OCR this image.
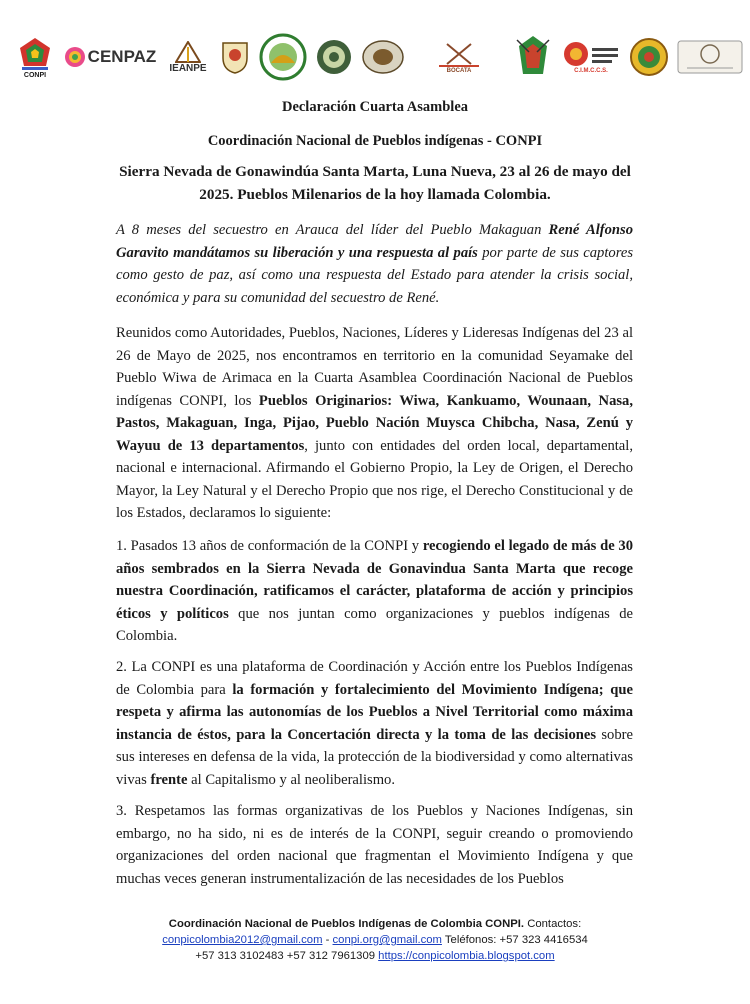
CONPI
CENPAZ
IEANPE	BOCATA	C.I.M.C.C.S.

Declaración Cuarta Asamblea

Coordinación Nacional de Pueblos indígenas - CONPI

Sierra Nevada de Gonawindúa Santa Marta, Luna Nueva, 23 al 26 de mayo del
2025. Pueblos Milenarios de la hoy llamada Colombia.

A 8 meses del secuestro en Arauca del líder del Pueblo Makaguan René Alfonso Garavito mandátamos su liberación y una respuesta al país por parte de sus captores como gesto de paz, así como una respuesta del Estado para atender la crisis social, económica y para su comunidad del secuestro de René.

Reunidos como Autoridades, Pueblos, Naciones, Líderes y Lideresas Indígenas del 23 al 26 de Mayo de 2025, nos encontramos en territorio en la comunidad Seyamake del Pueblo Wiwa de Arimaca en la Cuarta Asamblea Coordinación Nacional de Pueblos indígenas CONPI, los Pueblos Originarios: Wiwa, Kankuamo, Wounaan, Nasa, Pastos, Makaguan, Inga, Pijao, Pueblo Nación Muysca Chibcha, Nasa, Zenú y Wayuu de 13 departamentos, junto con entidades del orden local, departamental, nacional e internacional. Afirmando el Gobierno Propio, la Ley de Origen, el Derecho Mayor, la Ley Natural y el Derecho Propio que nos rige, el Derecho Constitucional y de los Estados, declaramos lo siguiente:

1. Pasados 13 años de conformación de la CONPI y recogiendo el legado de más de 30 años sembrados en la Sierra Nevada de Gonavindua Santa Marta que recoge nuestra Coordinación, ratificamos el carácter, plataforma de acción y principios éticos y políticos que nos juntan como organizaciones y pueblos indígenas de Colombia.

2. La CONPI es una plataforma de Coordinación y Acción entre los Pueblos Indígenas de Colombia para la formación y fortalecimiento del Movimiento Indígena; que respeta y afirma las autonomías de los Pueblos a Nivel Territorial como máxima instancia de éstos, para la Concertación directa y la toma de las decisiones sobre sus intereses en defensa de la vida, la protección de la biodiversidad y como alternativas vivas frente al Capitalismo y al neoliberalismo.

3. Respetamos las formas organizativas de los Pueblos y Naciones Indígenas, sin embargo, no ha sido, ni es de interés de la CONPI, seguir creando o promoviendo organizaciones del orden nacional que fragmentan el Movimiento Indígena y que muchas veces generan instrumentalización de las necesidades de los Pueblos

Coordinación Nacional de Pueblos Indígenas de Colombia CONPI. Contactos:
conpicolombia2012@gmail.com - conpi.org@gmail.com Teléfonos: +57 323 4416534
+57 313 3102483 +57 312 7961309 https://conpicolombia.blogspot.com
